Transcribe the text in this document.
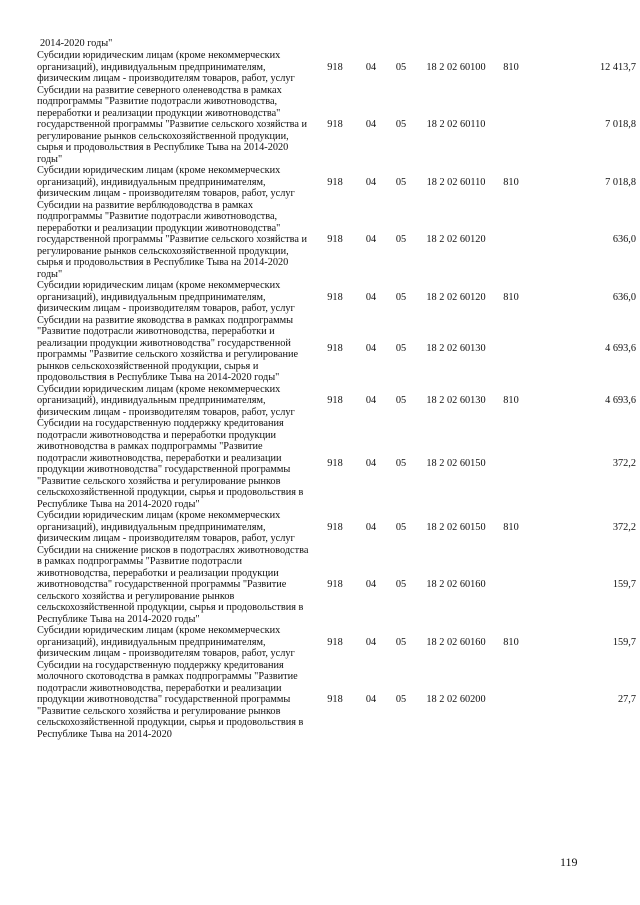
2014-2020 годы"
Субсидии юридическим лицам (кроме некоммерческих организаций), индивидуальным предпринимателям, физическим лицам - производителям товаров, работ, услуг	918	04	05	18 2 02 60100	810	12 413,7
Субсидии на развитие северного оленеводства в рамках подпрограммы "Развитие подотрасли животноводства, переработки и реализации продукции животноводства" государственной программы "Развитие сельского хозяйства и регулирование рынков сельскохозяйственной продукции, сырья и продовольствия в Республике Тыва на 2014-2020 годы"	918	04	05	18 2 02 60110		7 018,8
Субсидии юридическим лицам (кроме некоммерческих организаций), индивидуальным предпринимателям, физическим лицам - производителям товаров, работ, услуг	918	04	05	18 2 02 60110	810	7 018,8
Субсидии на развитие верблюдоводства в рамках подпрограммы "Развитие подотрасли животноводства, переработки и реализации продукции животноводства" государственной программы "Развитие сельского хозяйства и регулирование рынков сельскохозяйственной продукции, сырья и продовольствия в Республике Тыва на 2014-2020 годы"	918	04	05	18 2 02 60120		636,0
Субсидии юридическим лицам (кроме некоммерческих организаций), индивидуальным предпринимателям, физическим лицам - производителям товаров, работ, услуг	918	04	05	18 2 02 60120	810	636,0
Субсидии на развитие яководства в рамках подпрограммы "Развитие подотрасли животноводства, переработки и реализации продукции животноводства" государственной программы "Развитие сельского хозяйства и регулирование рынков сельскохозяйственной продукции, сырья и продовольствия в Республике Тыва на 2014-2020 годы"	918	04	05	18 2 02 60130		4 693,6
Субсидии юридическим лицам (кроме некоммерческих организаций), индивидуальным предпринимателям, физическим лицам - производителям товаров, работ, услуг	918	04	05	18 2 02 60130	810	4 693,6
Субсидии на государственную поддержку кредитования подотрасли животноводства и переработки продукции животноводства в рамках подпрограммы "Развитие подотрасли животноводства, переработки и реализации продукции животноводства" государственной программы "Развитие сельского хозяйства и регулирование рынков сельскохозяйственной продукции, сырья и продовольствия в Республике Тыва на 2014-2020 годы"	918	04	05	18 2 02 60150		372,2
Субсидии юридическим лицам (кроме некоммерческих организаций), индивидуальным предпринимателям, физическим лицам - производителям товаров, работ, услуг	918	04	05	18 2 02 60150	810	372,2
Субсидии на снижение рисков в подотраслях животноводства в рамках подпрограммы "Развитие подотрасли животноводства, переработки и реализации продукции животноводства" государственной программы "Развитие сельского хозяйства и регулирование рынков сельскохозяйственной продукции, сырья и продовольствия в Республике Тыва на 2014-2020 годы"	918	04	05	18 2 02 60160		159,7
Субсидии юридическим лицам (кроме некоммерческих организаций), индивидуальным предпринимателям, физическим лицам - производителям товаров, работ, услуг	918	04	05	18 2 02 60160	810	159,7
Субсидии на государственную поддержку кредитования молочного скотоводства в рамках подпрограммы "Развитие подотрасли животноводства, переработки и реализации продукции животноводства" государственной программы "Развитие сельского хозяйства и регулирование рынков сельскохозяйственной продукции, сырья и продовольствия в Республике Тыва на 2014-2020	918	04	05	18 2 02 60200		27,7
119
